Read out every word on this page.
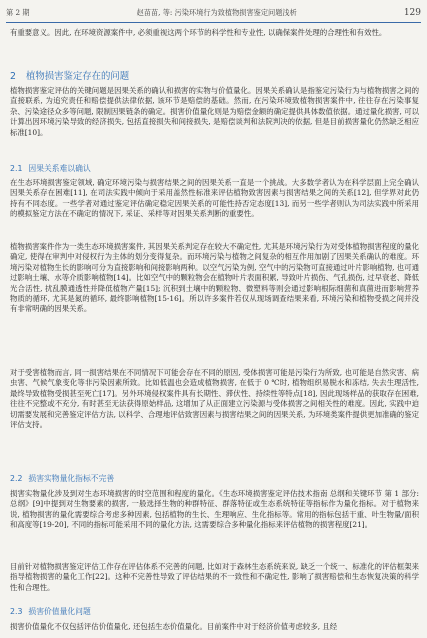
第 2 期	赵苗苗, 等: 污染环境行为致植物损害鉴定问题浅析	129
有重要意义。因此, 在环境资源案件中, 必须重视这两个环节的科学性和专业性, 以确保案件处理的合理性和有效性。
2 植物损害鉴定存在的问题
植物损害鉴定评估的关键问题是因果关系的确认和损害的实物与价值量化。因果关系确认是指鉴定污染行为与植物损害之间的直接联系, 为追究责任和赔偿提供法律依据, 该环节是赔偿的基础。然而, 在污染环境致植物损害案件中, 往往存在污染事复杂、污染途径众多等问题, 限制因果链条的确定。损害价值量化则是为赔偿金额的确定提供具体数值依据。通过量化损害, 可以计算出因环境污染导致的经济损失, 包括直接损失和间接损失, 是赔偿谈判和法院判决的依据, 但是目前损害量化仍然缺乏相应标准[10]。
2.1 因果关系难以确认
在生态环境损害鉴定领域, 确定环境污染与损害结果之间的因果关系一直是一个挑战。大多数学者认为在科学层面上完全确认因果关系存在困难[11], 在司法实践中倾向于采用盖然性标准来评估植物致害因素与损害结果之间的关系[12], 但学界对此仍持有不同态度。一些学者对通过鉴定评估确定稳定因果关系的可能性持否定态度[13], 而另一些学者则认为司法实践中所采用的模拟鉴定方法在不确定的情况下, 采证、采样等对因果关系判断的重要性。
植物损害案件作为一类生态环境损害案件, 其因果关系判定存在较大不确定性, 尤其是环境污染行为对受体植物损害程度的量化确定, 使得在审判中对侵权行为主体的划分变得复杂。而环境污染与植物之间复杂的相互作用加剧了因果关系确认的难度。环境污染对植物生长的影响可分为直接影响和间接影响两种。以空气污染为例, 空气中的污染物可直接通过叶片影响植物, 也可通过影响土壤、水等介质影响植物[14]。比如空气中的颗粒物会在植物叶片表面积累, 导致叶片损伤、气孔损伤, 过早衰老、降低光合活性, 扰乱膜通透性并降低植物产量[15]; 沉积到土壤中的颗粒物、微塑料等则会通过影响根际细菌和真菌进而影响营养物质的循环, 尤其是氮的循环, 最终影响植物[15-16]。所以许多案件若仅从现场调查结果来看, 环境污染和植物受损之间并没有非常明确的因果关系。
对于受害植物而言, 同一损害结果在不同情况下可能会存在不同的原因, 受体损害可能是污染行为所致, 也可能是自然灾害、病虫害、气候气象变化等非污染因素所致。比如低温也会造成植物损害, 在低于 0 ℃时, 植物组织易脱水和冻结, 失去生理活性, 最终导致植物受损甚至死亡[17]。另外环境侵权案件具有长期性、滞伏性、持续性等特点[18], 因此现场样品的获取存在困难, 往往不完整或不充分, 有时甚至无法获得原始样品, 这增加了从正面建立污染源与受体损害之间相关性的难度。因此, 实践中迫切需要发展和完善鉴定评估方法, 以科学、合理地评估致害因素与损害结果之间的因果关系, 为环境类案件提供更加准确的鉴定评估支持。
2.2 损害实物量化指标不完善
损害实物量化涉及到对生态环境损害的时空范围和程度的量化。《生态环境损害鉴定评估技术指南 总纲和关键环节 第 1 部分: 总纲》[9]中提到对生物要素的损害, 一般选择生物的种群特征、群落特征或生态系统特征等指标作为量化指标。对于植物来说, 植物损害的量化需要综合考虑多种因素, 包括植物的生长、生理响应、生化指标等。常用的指标包括干重、叶生物量/面积和高度等[19-20], 不同的指标可能采用不同的量化方法, 这需要综合多种量化指标来评估植物的损害程度[21]。
目前针对植物损害鉴定评估工作存在评估体系不完善的问题, 比如对于森林生态系统来说, 缺乏一个统一、标准化的评估框架来指导植物损害的量化工作[22]。这种不完善性导致了评估结果的不一致性和不确定性, 影响了损害赔偿和生态恢复决策的科学性和合理性。
2.3 损害价值量化问题
损害价值量化不仅包括评估价值量化, 还包括生态价值量化。目前案件中对于经济价值考虑较多, 且经
